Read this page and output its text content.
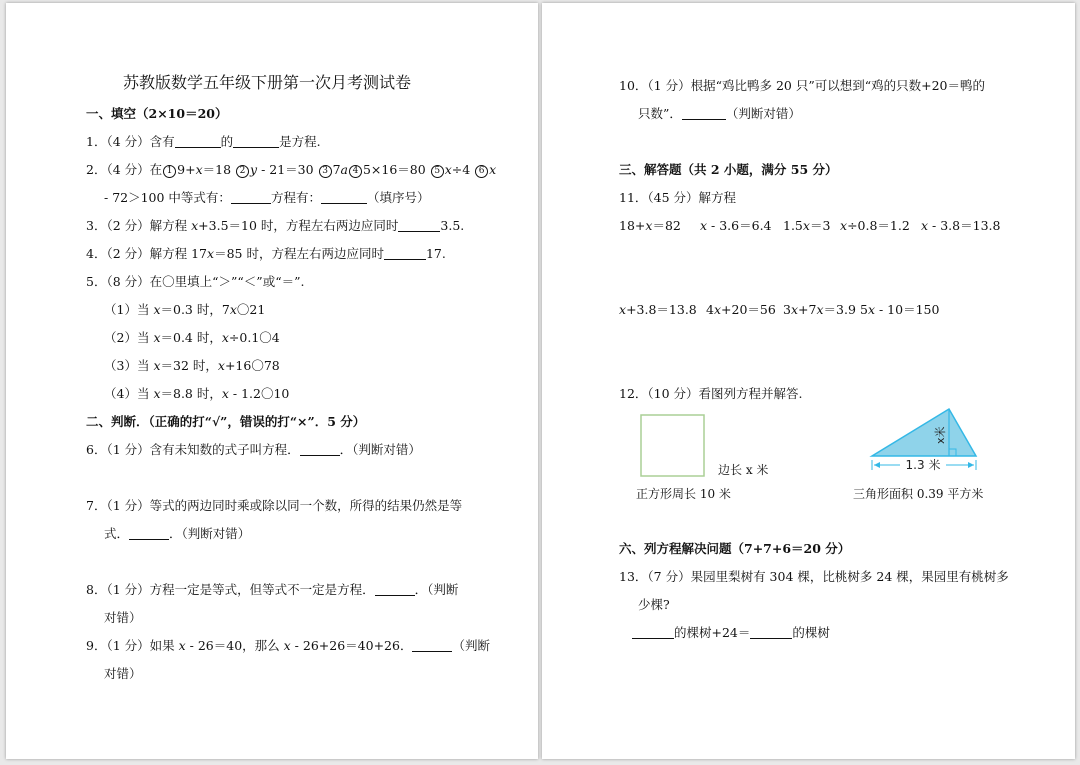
苏教版数学五年级下册第一次月考测试卷
一、填空（2×10＝20）
1．（4 分）含有	的	是方程.
2．（4 分）在 1 9+x＝18 2 y - 21＝30 3 7a 4 5×16＝80 5 x÷4 6 x
- 72＞100 中等式有：	方程有：	（填序号）
3．（2 分）解方程 x+3.5＝10 时，方程左右两边应同时	3.5.
4．（2 分）解方程 17x＝85 时，方程左右两边应同时	17.
5．（8 分）在〇里填上“＞”“＜”或“＝”.
（1）当 x＝0.3 时，7x〇21
（2）当 x＝0.4 时，x÷0.1〇4
（3）当 x＝32 时，x+16〇78
（4）当 x＝8.8 时，x - 1.2〇10
二、判断．（正确的打“√”，错误的打“×”．5 分）
6．（1 分）含有未知数的式子叫方程．	．（判断对错）
7．（1 分）等式的两边同时乘或除以同一个数，所得的结果仍然是等
式．	．（判断对错）
8．（1 分）方程一定是等式，但等式不一定是方程．	．（判断
对错）
9．（1 分）如果 x - 26＝40，那么 x - 26+26＝40+26．	（判断
对错）
10．（1 分）根据“鸡比鸭多 20 只”可以想到“鸡的只数+20＝鸭的
只数”．	（判断对错）
三、解答题（共 2 小题，满分 55 分）
11．（45 分）解方程
18+x＝82 x - 3.6＝6.4 1.5x＝3 x÷0.8＝1.2 x - 3.8＝13.8
x+3.8＝13.8 4x+20＝56 3x+7x＝3.9 5x - 10＝150
12．（10 分）看图列方程并解答.
1.3 米
x米
边长 x 米
正方形周长 10 米	三角形面积 0.39 平方米
六、列方程解决问题（7+7+6＝20 分）
13．（7 分）果园里梨树有 304 棵，比桃树多 24 棵，果园里有桃树多
少棵?
的棵树+24＝	的棵树
